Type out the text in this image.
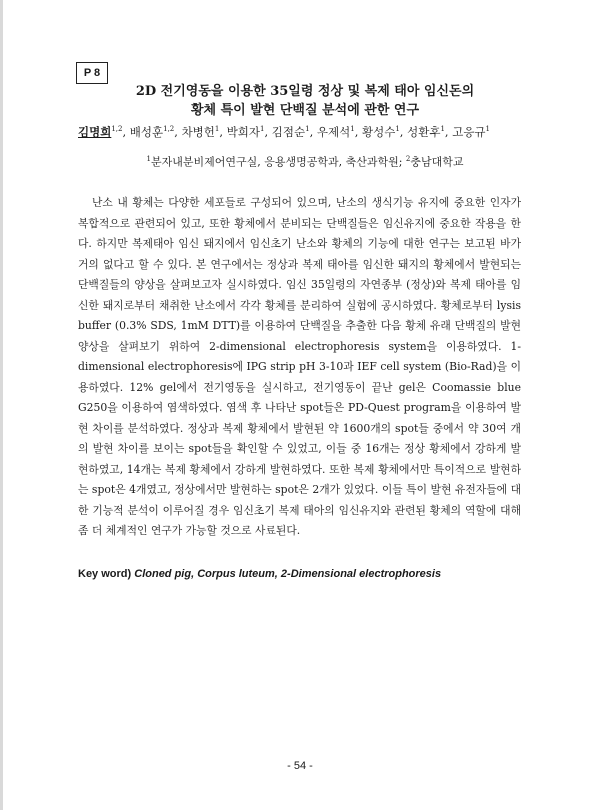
P 8
2D 전기영동을 이용한 35일령 정상 및 복제 태아 임신돈의
황체 특이 발현 단백질 분석에 관한 연구
김명희$^{1,2}$, 배성훈$^{1,2}$, 차병헌$^1$, 박희자$^1$, 김점순$^1$, 우제석$^1$, 황성수$^1$, 성환후$^1$, 고응규$^1$
$^1$분자내분비제어연구실, 응용생명공학과, 축산과학원; $^2$충남대학교

난소 내 황체는 다양한 세포들로 구성되어 있으며, 난소의 생식기능 유지에 중요한 인자가 복합적으로 관련되어 있고, 또한 황체에서 분비되는 단백질들은 임신유지에 중요한 작용을 한다. 하지만 복제태아 임신 돼지에서 임신초기 난소와 황체의 기능에 대한 연구는 보고된 바가 거의 없다고 할 수 있다. 본 연구에서는 정상과 복제 태아를 임신한 돼지의 황체에서 발현되는 단백질들의 양상을 살펴보고자 실시하였다. 임신 35일령의 자연종부 (정상)와 복제 태아를 임신한 돼지로부터 채취한 난소에서 각각 황체를 분리하여 실험에 공시하였다. 황체로부터 lysis buffer (0.3% SDS, 1mM DTT)를 이용하여 단백질을 추출한 다음 황체 유래 단백질의 발현 양상을 살펴보기 위하여 2-dimensional electrophoresis system을 이용하였다. 1-dimensional electrophoresis에 IPG strip pH 3-10과 IEF cell system (Bio-Rad)을 이용하였다. 12% gel에서 전기영동을 실시하고, 전기영동이 끝난 gel은 Coomassie blue G250을 이용하여 염색하였다. 염색 후 나타난 spot들은 PD-Quest program을 이용하여 발현 차이를 분석하였다. 정상과 복제 황체에서 발현된 약 1600개의 spot들 중에서 약 30여 개의 발현 차이를 보이는 spot들을 확인할 수 있었고, 이들 중 16개는 정상 황체에서 강하게 발현하였고, 14개는 복제 황체에서 강하게 발현하였다. 또한 복제 황체에서만 특이적으로 발현하는 spot은 4개였고, 정상에서만 발현하는 spot은 2개가 있었다. 이들 특이 발현 유전자들에 대한 기능적 분석이 이루어질 경우 임신초기 복제 태아의 임신유지와 관련된 황체의 역할에 대해 좀 더 체계적인 연구가 가능할 것으로 사료된다.

Key word) Cloned pig, Corpus luteum, 2-Dimensional electrophoresis
- 54 -
